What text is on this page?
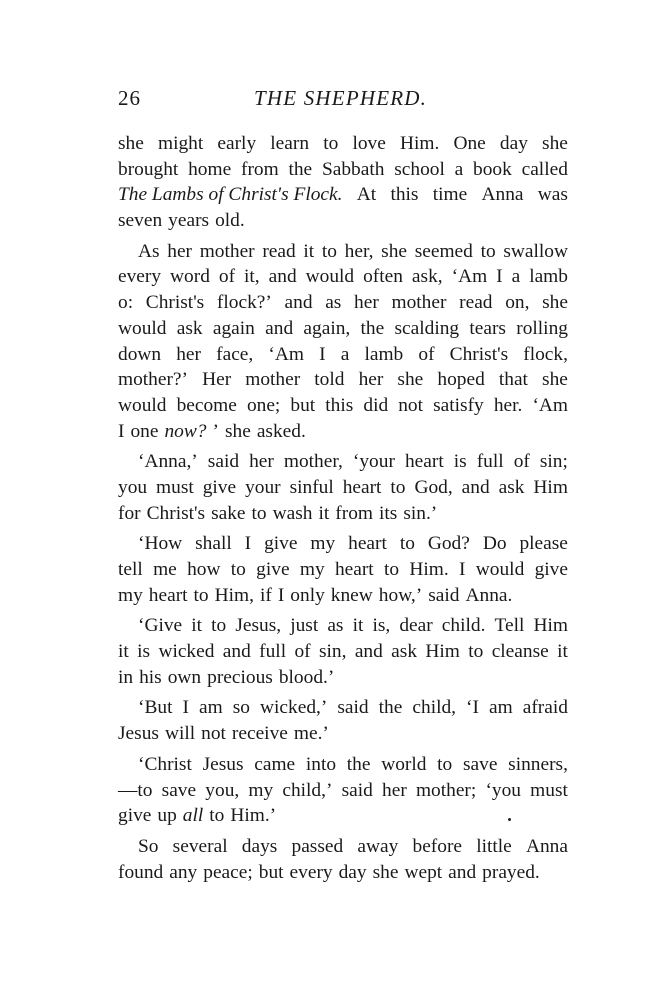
26	THE SHEPHERD.
she might early learn to love Him. One day she
brought home from the Sabbath school a book called
The Lambs of Christ's Flock. At this time Anna was
seven years old.
As her mother read it to her, she seemed to swallow
every word of it, and would often ask, ‘Am I a lamb
o: Christ's flock?’ and as her mother read on, she
would ask again and again, the scalding tears rolling
down her face, ‘Am I a lamb of Christ's flock,
mother?’ Her mother told her she hoped that she
would become one; but this did not satisfy her. ‘Am
I one now? ’ she asked.
‘Anna,’ said her mother, ‘your heart is full of sin;
you must give your sinful heart to God, and ask Him
for Christ's sake to wash it from its sin.’
‘How shall I give my heart to God? Do please
tell me how to give my heart to Him. I would give
my heart to Him, if I only knew how,’ said Anna.
‘Give it to Jesus, just as it is, dear child. Tell Him
it is wicked and full of sin, and ask Him to cleanse it
in his own precious blood.’
‘But I am so wicked,’ said the child, ‘I am afraid
Jesus will not receive me.’
‘Christ Jesus came into the world to save sinners,
—to save you, my child,’ said her mother; ‘you must
give up all to Him.’
So several days passed away before little Anna
found any peace; but every day she wept and prayed.
